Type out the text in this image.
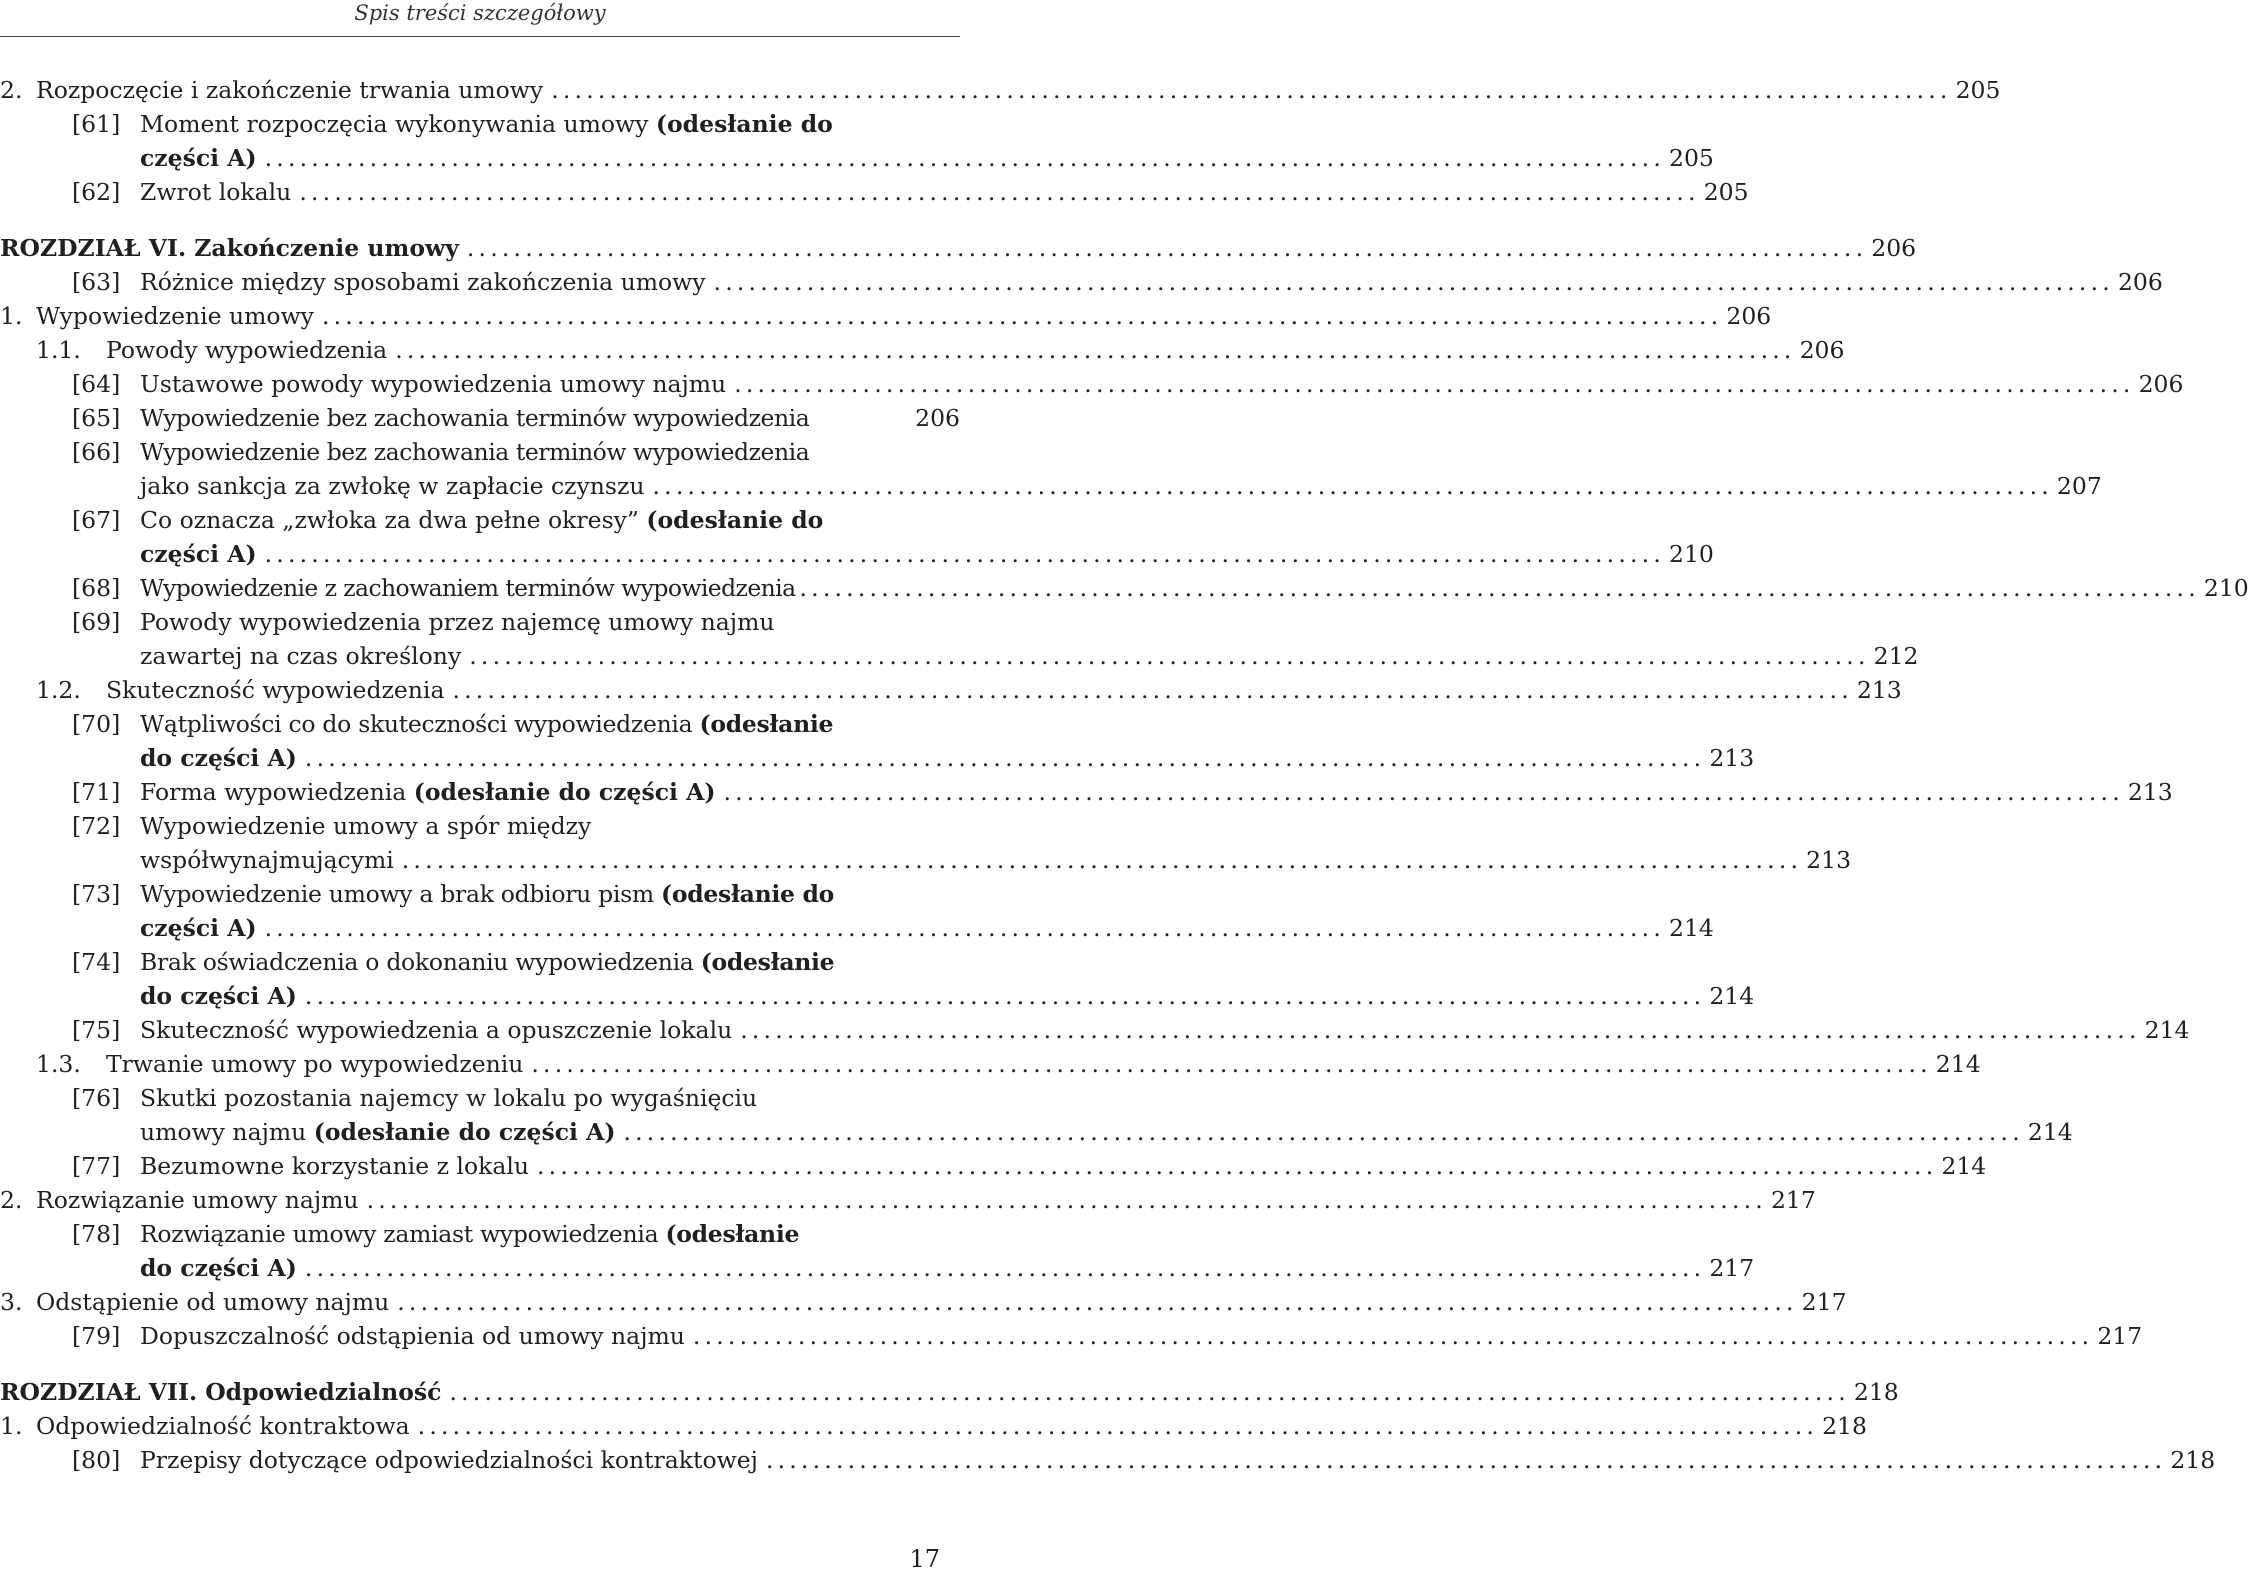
Spis treści szczegółowy
2. Rozpoczęcie i zakończenie trwania umowy ........................................................................................................................ 205
[61] Moment rozpoczęcia wykonywania umowy (odesłanie do
części A) ........................................................................................................................ 205
[62] Zwrot lokalu ........................................................................................................................ 205
ROZDZIAŁ VI. Zakończenie umowy ........................................................................................................................ 206
[63] Różnice między sposobami zakończenia umowy ........................................................................................................................ 206
1. Wypowiedzenie umowy ........................................................................................................................ 206
1.1.	Powody wypowiedzenia ........................................................................................................................ 206
[64] Ustawowe powody wypowiedzenia umowy najmu ........................................................................................................................ 206
[65] Wypowiedzenie bez zachowania terminów wypowiedzenia	206
[66] Wypowiedzenie bez zachowania terminów wypowiedzenia
jako sankcja za zwłokę w zapłacie czynszu ........................................................................................................................ 207
[67] Co oznacza „zwłoka za dwa pełne okresy” (odesłanie do
części A) ........................................................................................................................ 210
[68] Wypowiedzenie z zachowaniem terminów wypowiedzenia ........................................................................................................................ 210
[69] Powody wypowiedzenia przez najemcę umowy najmu
zawartej na czas określony ........................................................................................................................ 212
1.2.	Skuteczność wypowiedzenia ........................................................................................................................ 213
[70] Wątpliwości co do skuteczności wypowiedzenia (odesłanie
do części A) ........................................................................................................................ 213
[71] Forma wypowiedzenia (odesłanie do części A) ........................................................................................................................ 213
[72] Wypowiedzenie umowy a spór między
współwynajmującymi ........................................................................................................................ 213
[73] Wypowiedzenie umowy a brak odbioru pism (odesłanie do
części A) ........................................................................................................................ 214
[74] Brak oświadczenia o dokonaniu wypowiedzenia (odesłanie
do części A) ........................................................................................................................ 214
[75] Skuteczność wypowiedzenia a opuszczenie lokalu ........................................................................................................................ 214
1.3.	Trwanie umowy po wypowiedzeniu ........................................................................................................................ 214
[76] Skutki pozostania najemcy w lokalu po wygaśnięciu
umowy najmu (odesłanie do części A) ........................................................................................................................ 214
[77] Bezumowne korzystanie z lokalu ........................................................................................................................ 214
2. Rozwiązanie umowy najmu ........................................................................................................................ 217
[78] Rozwiązanie umowy zamiast wypowiedzenia (odesłanie
do części A) ........................................................................................................................ 217
3. Odstąpienie od umowy najmu ........................................................................................................................ 217
[79] Dopuszczalność odstąpienia od umowy najmu ........................................................................................................................ 217
ROZDZIAŁ VII. Odpowiedzialność ........................................................................................................................ 218
1. Odpowiedzialność kontraktowa ........................................................................................................................ 218
[80] Przepisy dotyczące odpowiedzialności kontraktowej ........................................................................................................................ 218
17
